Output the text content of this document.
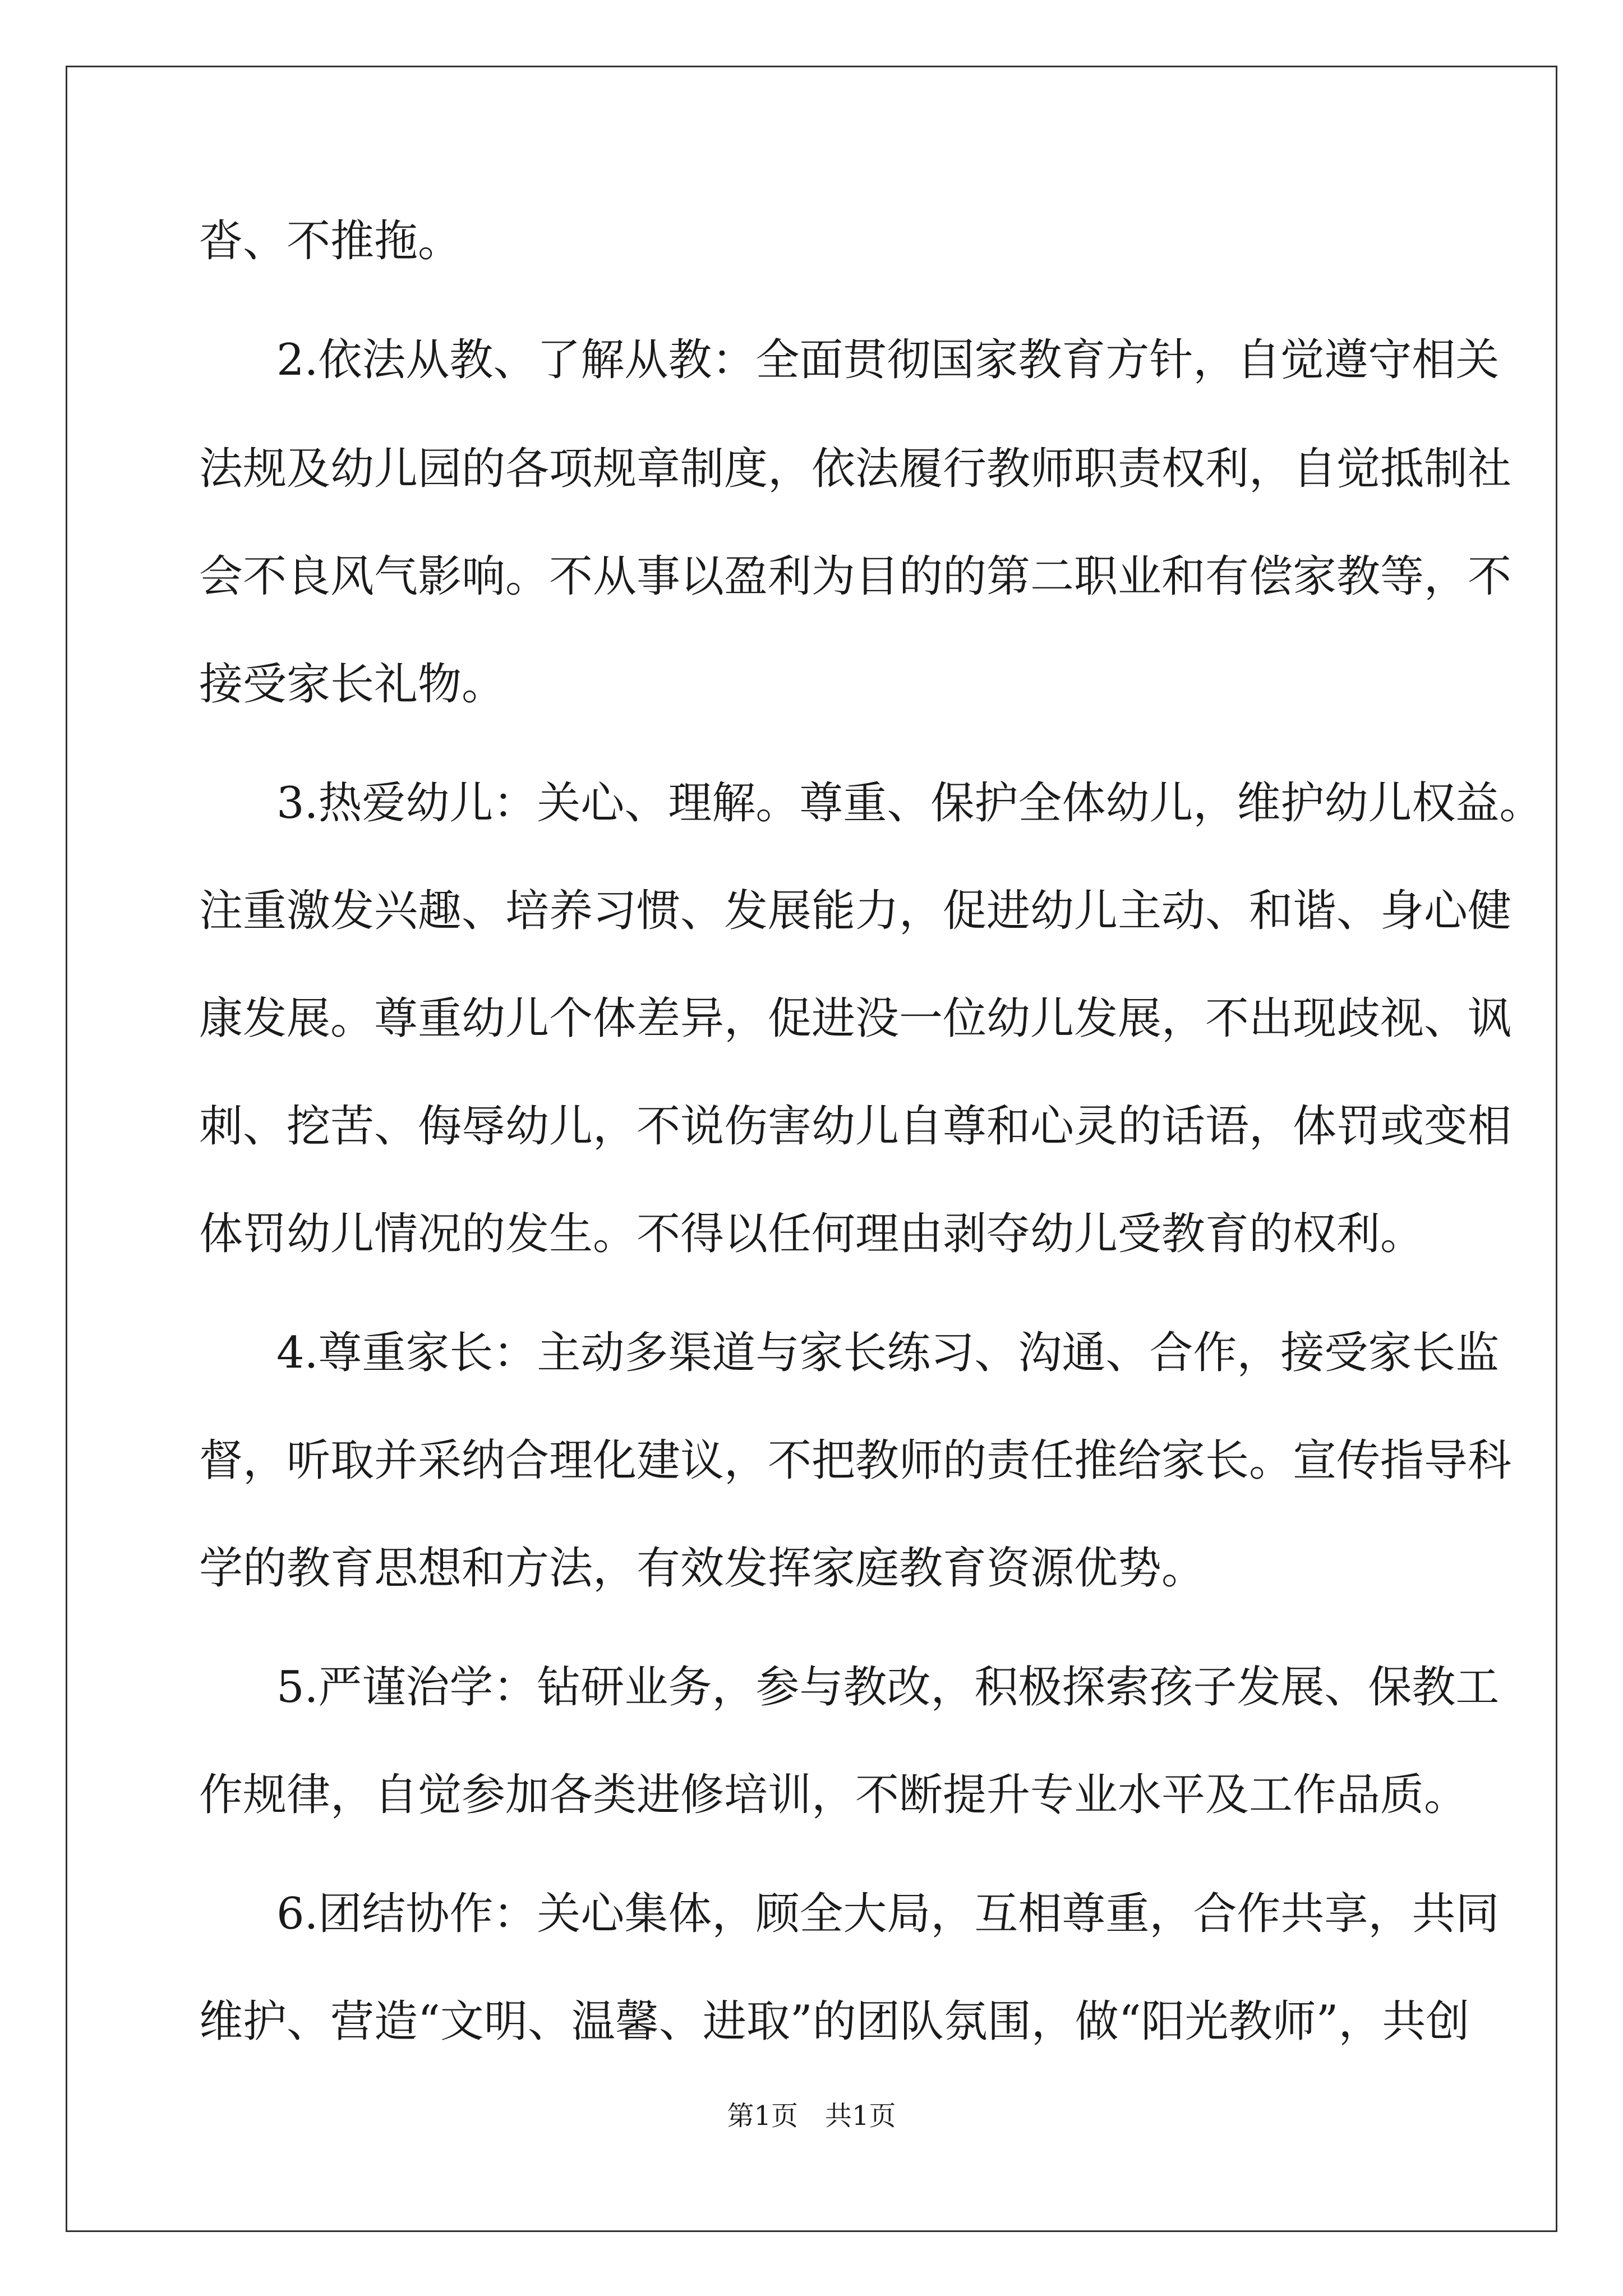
沓、不推拖。

2.依法从教、了解从教：全面贯彻国家教育方针，自觉遵守相关

法规及幼儿园的各项规章制度，依法履行教师职责权利，自觉抵制社

会不良风气影响。不从事以盈利为目的的第二职业和有偿家教等，不

接受家长礼物。

3.热爱幼儿：关心、理解。尊重、保护全体幼儿，维护幼儿权益。

注重激发兴趣、培养习惯、发展能力，促进幼儿主动、和谐、身心健

康发展。尊重幼儿个体差异，促进没一位幼儿发展，不出现歧视、讽

刺、挖苦、侮辱幼儿，不说伤害幼儿自尊和心灵的话语，体罚或变相

体罚幼儿情况的发生。不得以任何理由剥夺幼儿受教育的权利。

4.尊重家长：主动多渠道与家长练习、沟通、合作，接受家长监

督，听取并采纳合理化建议，不把教师的责任推给家长。宣传指导科

学的教育思想和方法，有效发挥家庭教育资源优势。

5.严谨治学：钻研业务，参与教改，积极探索孩子发展、保教工

作规律，自觉参加各类进修培训，不断提升专业水平及工作品质。

6.团结协作：关心集体，顾全大局，互相尊重，合作共享，共同

维护、营造“文明、温馨、进取”的团队氛围，做“阳光教师”，共创

第1页 共1页
